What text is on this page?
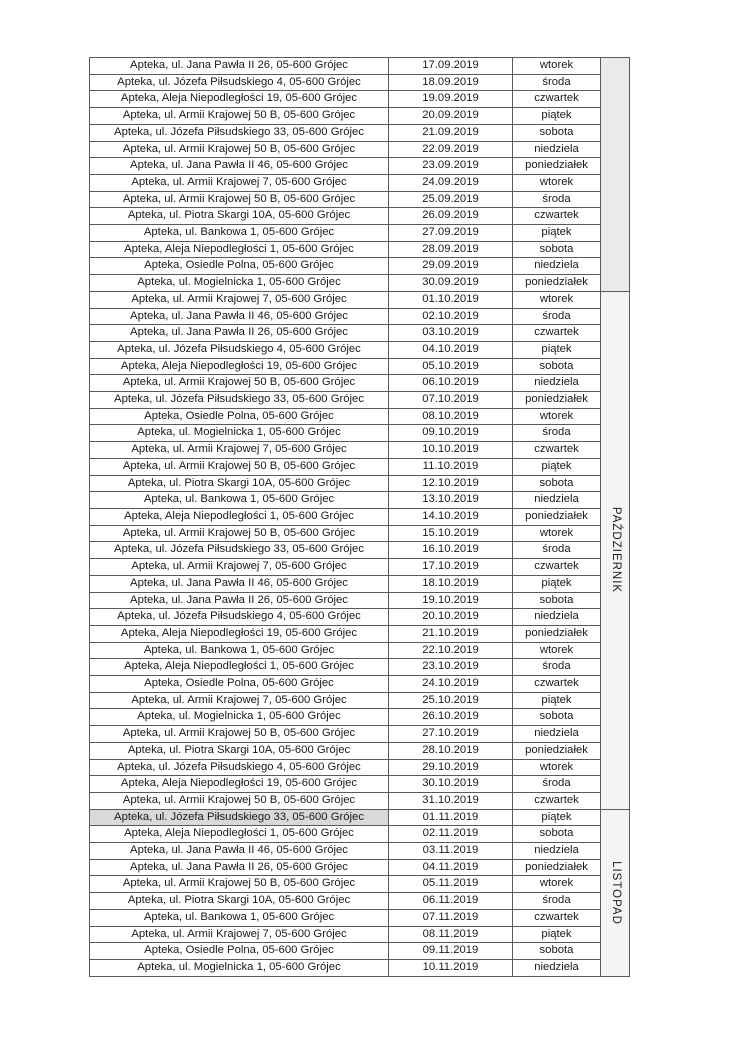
Apteka, ul. Jana Pawła II 26, 05-600 Grójec	17.09.2019	wtorek	

Apteka, ul. Józefa Piłsudskiego 4, 05-600 Grójec	18.09.2019	środa	
Apteka, Aleja Niepodległości 19, 05-600 Grójec	19.09.2019	czwartek	
Apteka, ul. Armii Krajowej 50 B, 05-600 Grójec	20.09.2019	piątek	
Apteka, ul. Józefa Piłsudskiego 33, 05-600 Grójec	21.09.2019	sobota	
Apteka, ul. Armii Krajowej 50 B, 05-600 Grójec	22.09.2019	niedziela	
Apteka, ul. Jana Pawła II 46, 05-600 Grójec	23.09.2019	poniedziałek	
Apteka, ul. Armii Krajowej 7, 05-600 Grójec	24.09.2019	wtorek	
Apteka, ul. Armii Krajowej 50 B, 05-600 Grójec	25.09.2019	środa	
Apteka, ul. Piotra Skargi 10A, 05-600 Grójec	26.09.2019	czwartek	
Apteka, ul. Bankowa 1, 05-600 Grójec	27.09.2019	piątek	
Apteka, Aleja Niepodległości 1, 05-600 Grójec	28.09.2019	sobota	
Apteka, Osiedle Polna, 05-600 Grójec	29.09.2019	niedziela	
Apteka, ul. Mogielnicka 1, 05-600 Grójec	30.09.2019	poniedziałek	
Apteka, ul. Armii Krajowej 7, 05-600 Grójec	01.10.2019	wtorek	PAŹDZIERNIK

Apteka, ul. Jana Pawła II 46, 05-600 Grójec	02.10.2019	środa	
Apteka, ul. Jana Pawła II 26, 05-600 Grójec	03.10.2019	czwartek	
Apteka, ul. Józefa Piłsudskiego 4, 05-600 Grójec	04.10.2019	piątek	
Apteka, Aleja Niepodległości 19, 05-600 Grójec	05.10.2019	sobota	
Apteka, ul. Armii Krajowej 50 B, 05-600 Grójec	06.10.2019	niedziela	
Apteka, ul. Józefa Piłsudskiego 33, 05-600 Grójec	07.10.2019	poniedziałek	
Apteka, Osiedle Polna, 05-600 Grójec	08.10.2019	wtorek	
Apteka, ul. Mogielnicka 1, 05-600 Grójec	09.10.2019	środa	
Apteka, ul. Armii Krajowej 7, 05-600 Grójec	10.10.2019	czwartek	
Apteka, ul. Armii Krajowej 50 B, 05-600 Grójec	11.10.2019	piątek	
Apteka, ul. Piotra Skargi 10A, 05-600 Grójec	12.10.2019	sobota	
Apteka, ul. Bankowa 1, 05-600 Grójec	13.10.2019	niedziela	
Apteka, Aleja Niepodległości 1, 05-600 Grójec	14.10.2019	poniedziałek	
Apteka, ul. Armii Krajowej 50 B, 05-600 Grójec	15.10.2019	wtorek	
Apteka, ul. Józefa Piłsudskiego 33, 05-600 Grójec	16.10.2019	środa	
Apteka, ul. Armii Krajowej 7, 05-600 Grójec	17.10.2019	czwartek	
Apteka, ul. Jana Pawła II 46, 05-600 Grójec	18.10.2019	piątek	
Apteka, ul. Jana Pawła II 26, 05-600 Grójec	19.10.2019	sobota	
Apteka, ul. Józefa Piłsudskiego 4, 05-600 Grójec	20.10.2019	niedziela	
Apteka, Aleja Niepodległości 19, 05-600 Grójec	21.10.2019	poniedziałek	
Apteka, ul. Bankowa 1, 05-600 Grójec	22.10.2019	wtorek	
Apteka, Aleja Niepodległości 1, 05-600 Grójec	23.10.2019	środa	
Apteka, Osiedle Polna, 05-600 Grójec	24.10.2019	czwartek	
Apteka, ul. Armii Krajowej 7, 05-600 Grójec	25.10.2019	piątek	
Apteka, ul. Mogielnicka 1, 05-600 Grójec	26.10.2019	sobota	
Apteka, ul. Armii Krajowej 50 B, 05-600 Grójec	27.10.2019	niedziela	
Apteka, ul. Piotra Skargi 10A, 05-600 Grójec	28.10.2019	poniedziałek	
Apteka, ul. Józefa Piłsudskiego 4, 05-600 Grójec	29.10.2019	wtorek	
Apteka, Aleja Niepodległości 19, 05-600 Grójec	30.10.2019	środa	
Apteka, ul. Armii Krajowej 50 B, 05-600 Grójec	31.10.2019	czwartek	
Apteka, ul. Józefa Piłsudskiego 33, 05-600 Grójec	01.11.2019	piątek	LISTOPAD

Apteka, Aleja Niepodległości 1, 05-600 Grójec	02.11.2019	sobota	
Apteka, ul. Jana Pawła II 46, 05-600 Grójec	03.11.2019	niedziela	
Apteka, ul. Jana Pawła II 26, 05-600 Grójec	04.11.2019	poniedziałek	
Apteka, ul. Armii Krajowej 50 B, 05-600 Grójec	05.11.2019	wtorek	
Apteka, ul. Piotra Skargi 10A, 05-600 Grójec	06.11.2019	środa	
Apteka, ul. Bankowa 1, 05-600 Grójec	07.11.2019	czwartek	
Apteka, ul. Armii Krajowej 7, 05-600 Grójec	08.11.2019	piątek	
Apteka, Osiedle Polna, 05-600 Grójec	09.11.2019	sobota	
Apteka, ul. Mogielnicka 1, 05-600 Grójec	10.11.2019	niedziela	
